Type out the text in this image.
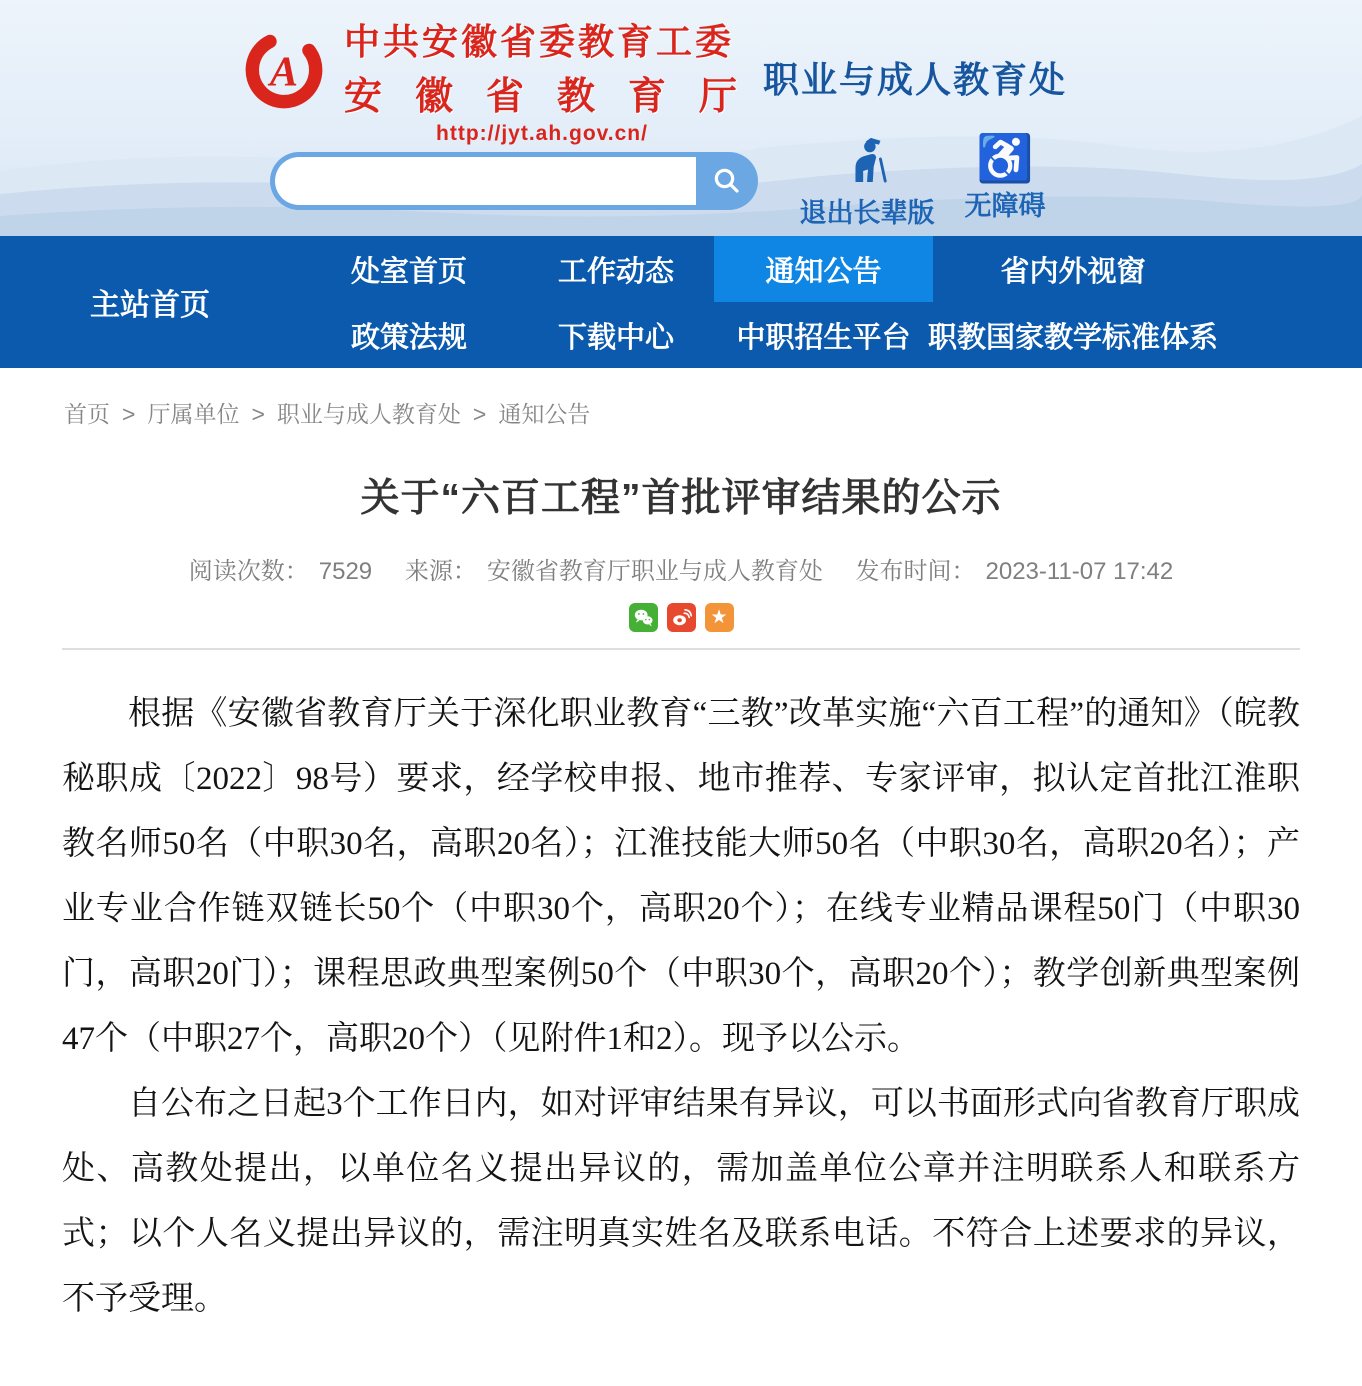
A
中共安徽省委教育工委
安徽省教育厅
http://jyt.ah.gov.cn/
职业与成人教育处
退出长辈版
♿
无障碍
主站首页
处室首页	工作动态	通知公告	省内外视窗
政策法规	下载中心	中职招生平台 职教国家教学标准体系
首页 > 厅属单位 > 职业与成人教育处 > 通知公告
关于“六百工程”首批评审结果的公示
阅读次数： 7529 来源： 安徽省教育厅职业与成人教育处 发布时间： 2023-11-07 17:42
★

根据《安徽省教育厅关于深化职业教育“三教”改革实施“六百工程”的通知》（皖教秘职成〔2022〕98号）要求，经学校申报、地市推荐、专家评审，拟认定首批江淮职教名师50名（中职30名，高职20名）；江淮技能大师50名（中职30名，高职20名）；产业专业合作链双链长50个（中职30个，高职20个）；在线专业精品课程50门（中职30门，高职20门）；课程思政典型案例50个（中职30个，高职20个）；教学创新典型案例47个（中职27个，高职20个）（见附件1和2）。现予以公示。

自公布之日起3个工作日内，如对评审结果有异议，可以书面形式向省教育厅职成处、高教处提出，以单位名义提出异议的，需加盖单位公章并注明联系人和联系方式；以个人名义提出异议的，需注明真实姓名及联系电话。不符合上述要求的异议，不予受理。
